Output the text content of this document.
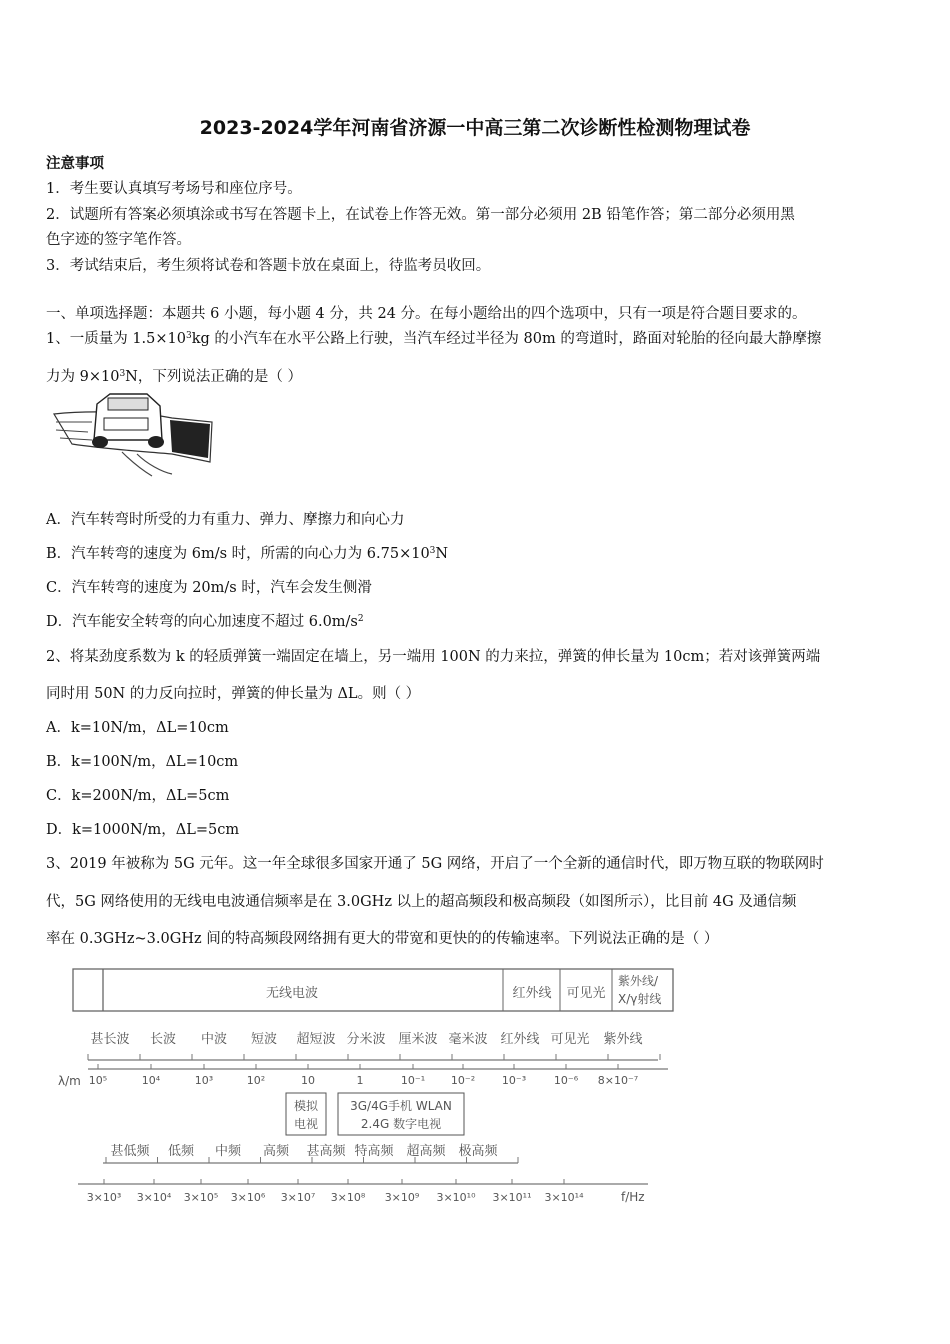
2023-2024学年河南省济源一中高三第二次诊断性检测物理试卷
注意事项
1．考生要认真填写考场号和座位序号。
2．试题所有答案必须填涂或书写在答题卡上，在试卷上作答无效。第一部分必须用 2B 铅笔作答；第二部分必须用黑
色字迹的签字笔作答。
3．考试结束后，考生须将试卷和答题卡放在桌面上，待监考员收回。
一、单项选择题：本题共 6 小题，每小题 4 分，共 24 分。在每小题给出的四个选项中，只有一项是符合题目要求的。
1、一质量为 $1.5\times 10^3kg$ 的小汽车在水平公路上行驶，当汽车经过半径为 80m 的弯道时，路面对轮胎的径向最大静摩擦
力为 $9\times 10^3N$，下列说法正确的是（ ）
A．汽车转弯时所受的力有重力、弹力、摩擦力和向心力
B．汽车转弯的速度为 6m/s 时，所需的向心力为 $6.75\times 10^3N$
C．汽车转弯的速度为 20m/s 时，汽车会发生侧滑
D．汽车能安全转弯的向心加速度不超过 $6.0m/s^2$
2、将某劲度系数为 k 的轻质弹簧一端固定在墙上，另一端用 100N 的力来拉，弹簧的伸长量为 10cm；若对该弹簧两端
同时用 50N 的力反向拉时，弹簧的伸长量为 ΔL。则（ ）
A．k=10N/m，ΔL=10cm
B．k=100N/m，ΔL=10cm
C．k=200N/m，ΔL=5cm
D．k=1000N/m，ΔL=5cm
3、2019 年被称为 5G 元年。这一年全球很多国家开通了 5G 网络，开启了一个全新的通信时代，即万物互联的物联网时
代，5G 网络使用的无线电电波通信频率是在 3.0GHz 以上的超高频段和极高频段（如图所示），比目前 4G 及通信频
率在 0.3GHz~3.0GHz 间的特高频段网络拥有更大的带宽和更快的的传输速率。下列说法正确的是（ ）
无线电波	红外线 可见光
紫外线/
X/γ射线
甚长波 长波 中波 短波 超短波 分米波 厘米波 毫米波 红外线 可见光 紫外线
λ/m 10⁵	10⁴	10³	10²	10	1	10⁻¹ 10⁻² 10⁻³	10⁻⁶ 8×10⁻⁷
模拟
电视
3G/4G手机 WLAN
2.4G 数字电视
甚低频 低频 中频 高频 甚高频 特高频 超高频 极高频
3×10³ 3×10⁴ 3×10⁵ 3×10⁶ 3×10⁷ 3×10⁸ 3×10⁹ 3×10¹⁰ 3×10¹¹ 3×10¹⁴	f/Hz
